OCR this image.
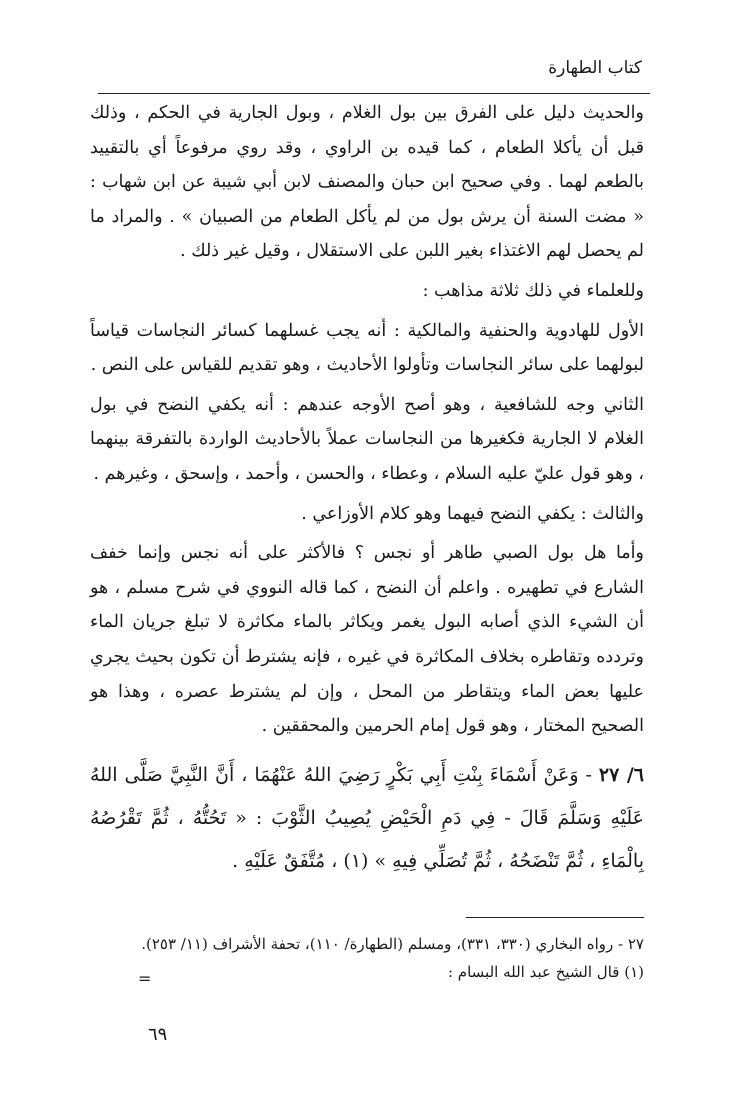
كتاب الطهارة

والحديث دليل على الفرق بين بول الغلام ، وبول الجارية في الحكم ، وذلك قبل أن يأكلا الطعام ، كما قيده بن الراوي ، وقد روي مرفوعاً أي بالتقييد بالطعم لهما . وفي صحيح ابن حبان والمصنف لابن أبي شيبة عن ابن شهاب : « مضت السنة أن يرش بول من لم يأكل الطعام من الصبيان » . والمراد ما لم يحصل لهم الاغتذاء بغير اللبن على الاستقلال ، وقيل غير ذلك .

وللعلماء في ذلك ثلاثة مذاهب :

الأول للهادوية والحنفية والمالكية : أنه يجب غسلهما كسائر النجاسات قياساً لبولهما على سائر النجاسات وتأولوا الأحاديث ، وهو تقديم للقياس على النص .

الثاني وجه للشافعية ، وهو أصح الأوجه عندهم : أنه يكفي النضح في بول الغلام لا الجارية فكغيرها من النجاسات عملاً بالأحاديث الواردة بالتفرقة بينهما ، وهو قول عليّ عليه السلام ، وعطاء ، والحسن ، وأحمد ، وإسحق ، وغيرهم .

والثالث : يكفي النضح فيهما وهو كلام الأوزاعي .

وأما هل بول الصبي طاهر أو نجس ؟ فالأكثر على أنه نجس وإنما خفف الشارع في تطهيره . واعلم أن النضح ، كما قاله النووي في شرح مسلم ، هو أن الشيء الذي أصابه البول يغمر ويكاثر بالماء مكاثرة لا تبلغ جريان الماء وتردده وتقاطره بخلاف المكاثرة في غيره ، فإنه يشترط أن تكون بحيث يجري عليها بعض الماء ويتقاطر من المحل ، وإن لم يشترط عصره ، وهذا هو الصحيح المختار ، وهو قول إمام الحرمين والمحققين .

٦/ ٢٧ - وَعَنْ أَسْمَاءَ بِنْتِ أَبِي بَكْرٍ رَضِيَ اللهُ عَنْهُمَا ، أَنَّ النَّبِيَّ صَلَّى اللهُ عَلَيْهِ وَسَلَّمَ قَالَ - فِي دَمِ الْحَيْضِ يُصِيبُ الثَّوْبَ : « تَحُتُّهُ ، ثُمَّ تَقْرُصُهُ بِالْمَاءِ ، ثُمَّ تَنْضَحُهُ ، ثُمَّ تُصَلِّي فِيهِ » (١) ، مُتَّفَقٌ عَلَيْهِ .

٢٧ - رواه البخاري (٣٣٠، ٣٣١)، ومسلم (الطهارة/ ١١٠)، تحفة الأشراف (١١/ ٢٥٣).

(١) قال الشيخ عبد الله البسام :

=
٦٩
